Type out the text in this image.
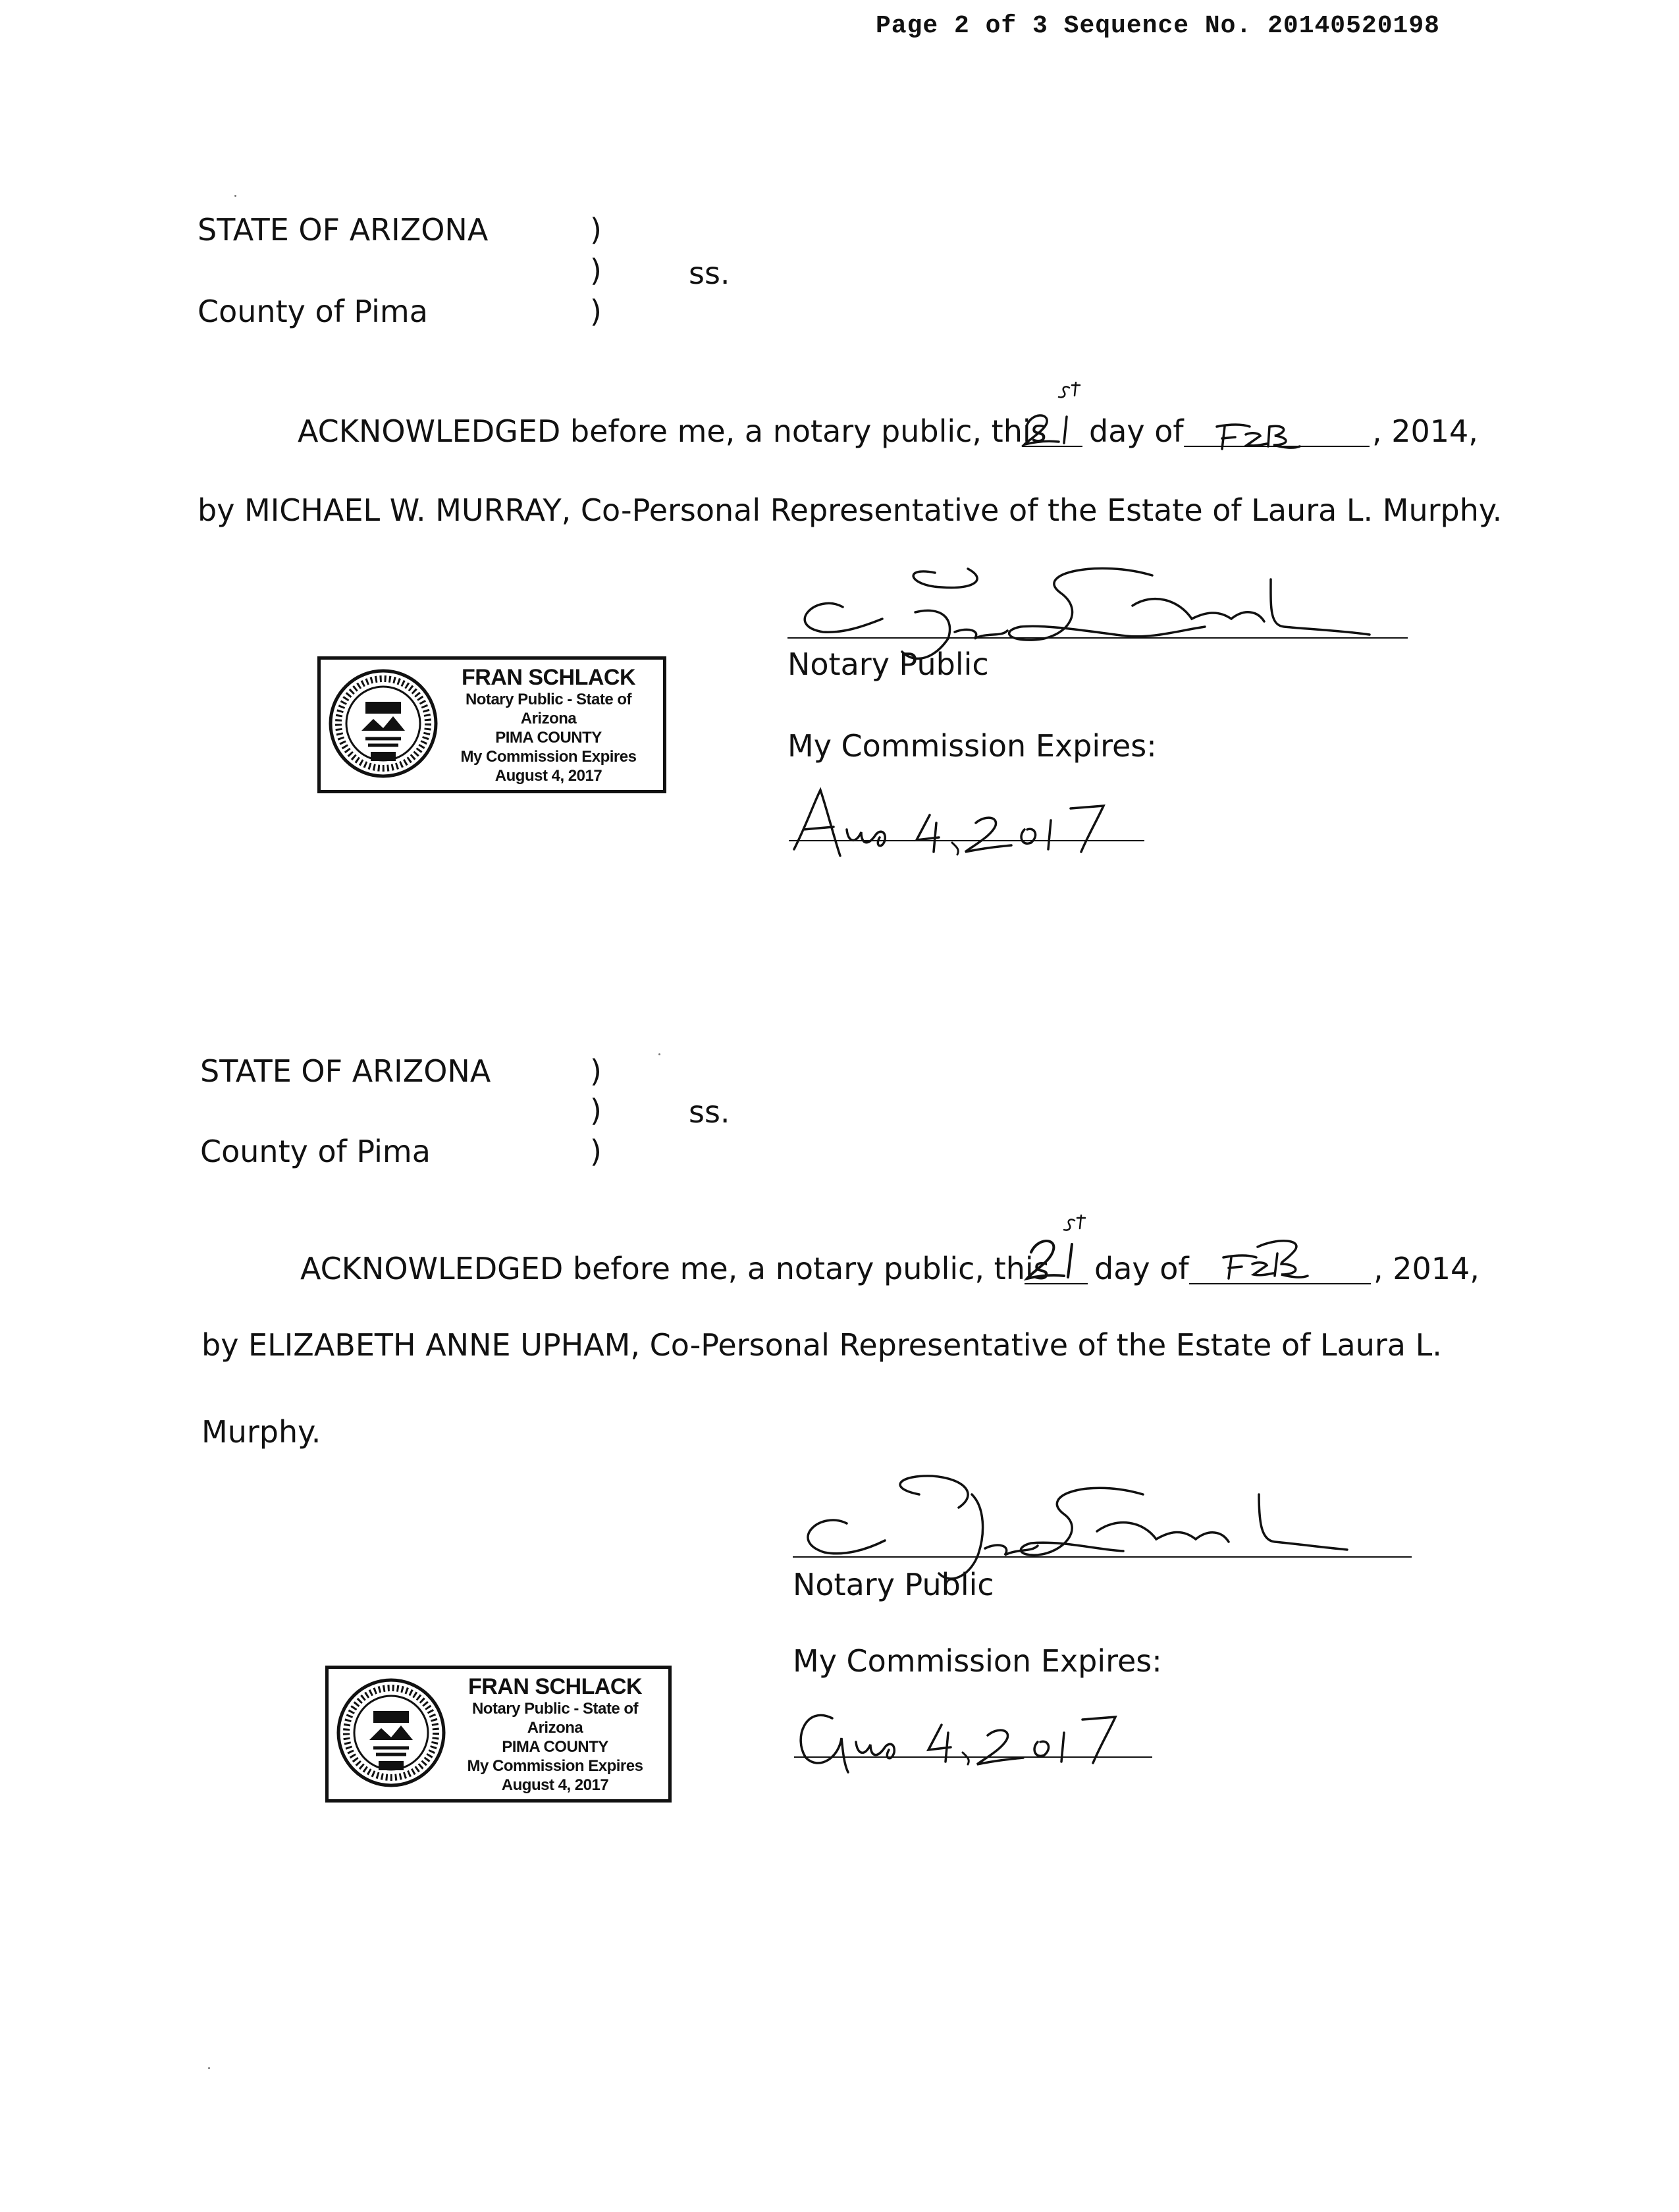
Page 2 of 3 Sequence No. 20140520198
STATE OF ARIZONA	)
)	ss.
County of Pima	)
ACKNOWLEDGED before me, a notary public, this day of	, 2014,
by MICHAEL W. MURRAY, Co-Personal Representative of the Estate of Laura L. Murphy.
FRAN SCHLACK
Notary Public - State of Arizona
PIMA COUNTY
My Commission Expires
August 4, 2017
Notary Public
My Commission Expires:
STATE OF ARIZONA	)
)	ss.
County of Pima	)
ACKNOWLEDGED before me, a notary public, this day of	, 2014,
by ELIZABETH ANNE UPHAM, Co-Personal Representative of the Estate of Laura L.
Murphy.
Notary Public
My Commission Expires:
FRAN SCHLACK
Notary Public - State of Arizona
PIMA COUNTY
My Commission Expires
August 4, 2017
